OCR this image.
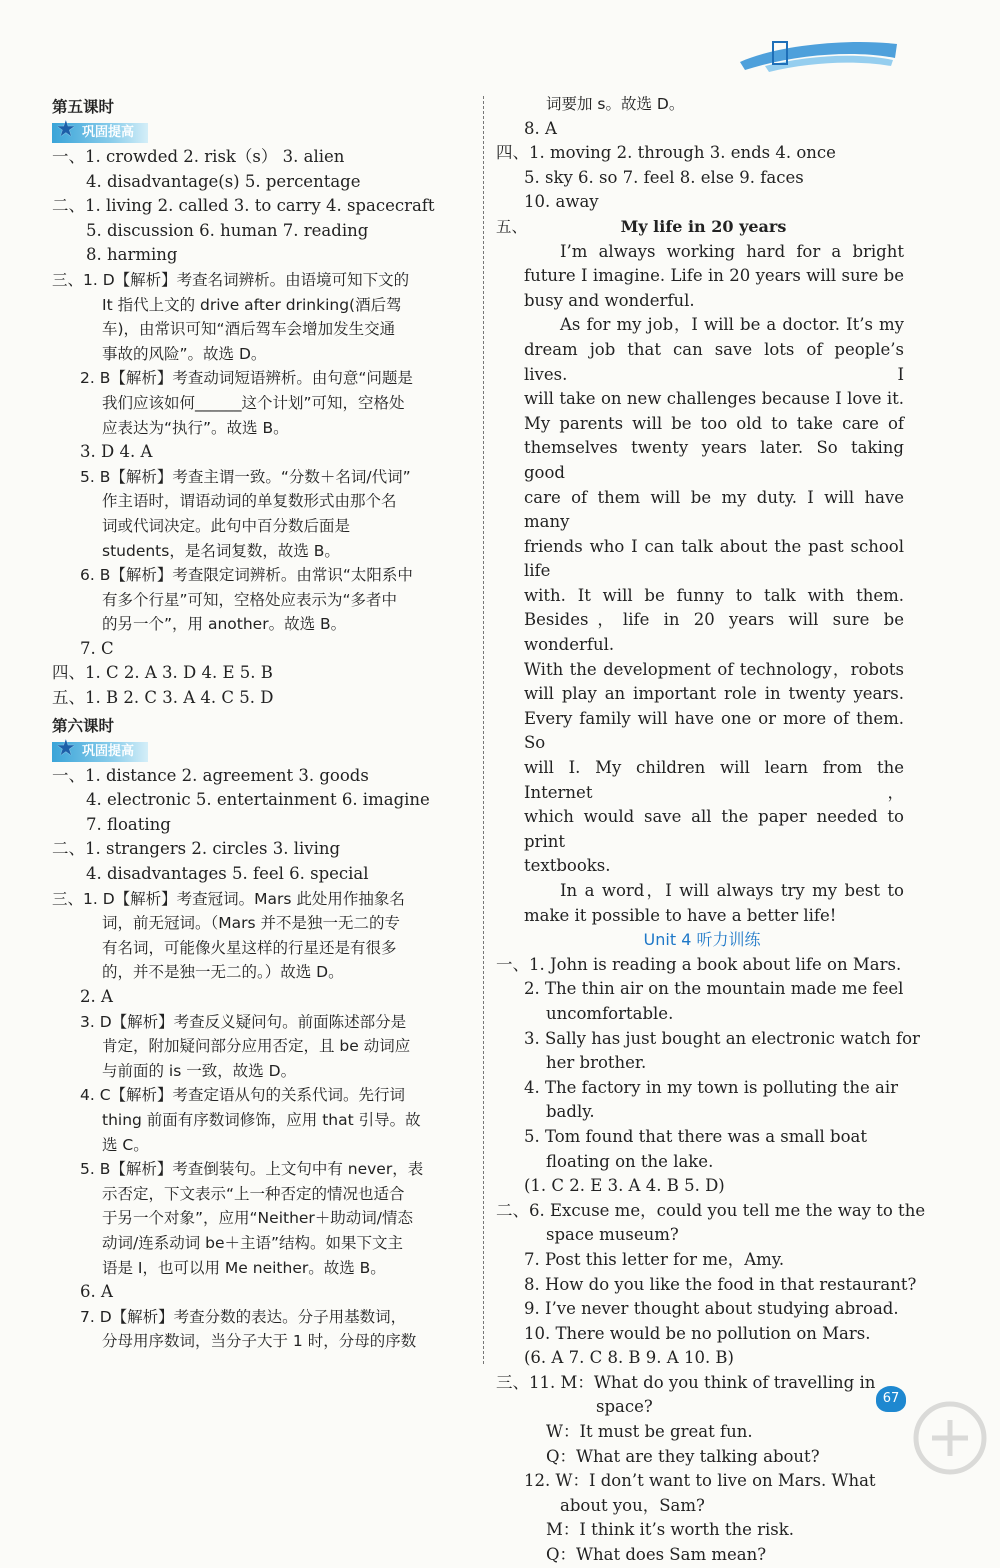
第五课时
★ 巩固提高
一、1. crowded 2. risk（s） 3. alien
4. disadvantage(s) 5. percentage
二、1. living 2. called 3. to carry 4. spacecraft
5. discussion 6. human 7. reading
8. harming
三、1. D【解析】考查名词辨析。由语境可知下文的
It 指代上文的 drive after drinking(酒后驾
车)，由常识可知“酒后驾车会增加发生交通
事故的风险”。故选 D。
2. B【解析】考查动词短语辨析。由句意“问题是
我们应该如何______这个计划”可知，空格处
应表达为“执行”。故选 B。
3. D 4. A
5. B【解析】考查主谓一致。“分数＋名词/代词”
作主语时，谓语动词的单复数形式由那个名
词或代词决定。此句中百分数后面是
students，是名词复数，故选 B。
6. B【解析】考查限定词辨析。由常识“太阳系中
有多个行星”可知，空格处应表示为“多者中
的另一个”，用 another。故选 B。
7. C
四、1. C 2. A 3. D 4. E 5. B
五、1. B 2. C 3. A 4. C 5. D
第六课时
★ 巩固提高
一、1. distance 2. agreement 3. goods
4. electronic 5. entertainment 6. imagine
7. floating
二、1. strangers 2. circles 3. living
4. disadvantages 5. feel 6. special
三、1. D【解析】考查冠词。Mars 此处用作抽象名
词，前无冠词。（Mars 并不是独一无二的专
有名词，可能像火星这样的行星还是有很多
的，并不是独一无二的。）故选 D。
2. A
3. D【解析】考查反义疑问句。前面陈述部分是
肯定，附加疑问部分应用否定，且 be 动词应
与前面的 is 一致，故选 D。
4. C【解析】考查定语从句的关系代词。先行词
thing 前面有序数词修饰，应用 that 引导。故
选 C。
5. B【解析】考查倒装句。上文句中有 never，表
示否定，下文表示“上一种否定的情况也适合
于另一个对象”，应用“Neither＋助动词/情态
动词/连系动词 be＋主语”结构。如果下文主
语是 I，也可以用 Me neither。故选 B。
6. A
7. D【解析】考查分数的表达。分子用基数词，
分母用序数词，当分子大于 1 时，分母的序数
词要加 s。故选 D。
8. A
四、1. moving 2. through 3. ends 4. once
5. sky 6. so 7. feel 8. else 9. faces
10. away
五、	My life in 20 years
I’m always working hard for a bright
future I imagine. Life in 20 years will sure be
busy and wonderful.
As for my job，I will be a doctor. It’s my
dream job that can save lots of people’s lives. I
will take on new challenges because I love it.
My parents will be too old to take care of
themselves twenty years later. So taking good
care of them will be my duty. I will have many
friends who I can talk about the past school life
with. It will be funny to talk with them.
Besides，life in 20 years will sure be wonderful.
With the development of technology，robots
will play an important role in twenty years.
Every family will have one or more of them. So
will I. My children will learn from the Internet，
which would save all the paper needed to print
textbooks.
In a word，I will always try my best to
make it possible to have a better life!
Unit 4 听力训练
一、1. John is reading a book about life on Mars.
2. The thin air on the mountain made me feel
uncomfortable.
3. Sally has just bought an electronic watch for
her brother.
4. The factory in my town is polluting the air
badly.
5. Tom found that there was a small boat
floating on the lake.
(1. C 2. E 3. A 4. B 5. D)
二、6. Excuse me，could you tell me the way to the
space museum?
7. Post this letter for me，Amy.
8. How do you like the food in that restaurant?
9. I’ve never thought about studying abroad.
10. There would be no pollution on Mars.
(6. A 7. C 8. B 9. A 10. B)
三、11. M：What do you think of travelling in
space?
W：It must be great fun.
Q：What are they talking about?
12. W：I don’t want to live on Mars. What
about you，Sam?
M：I think it’s worth the risk.
Q：What does Sam mean?
67
